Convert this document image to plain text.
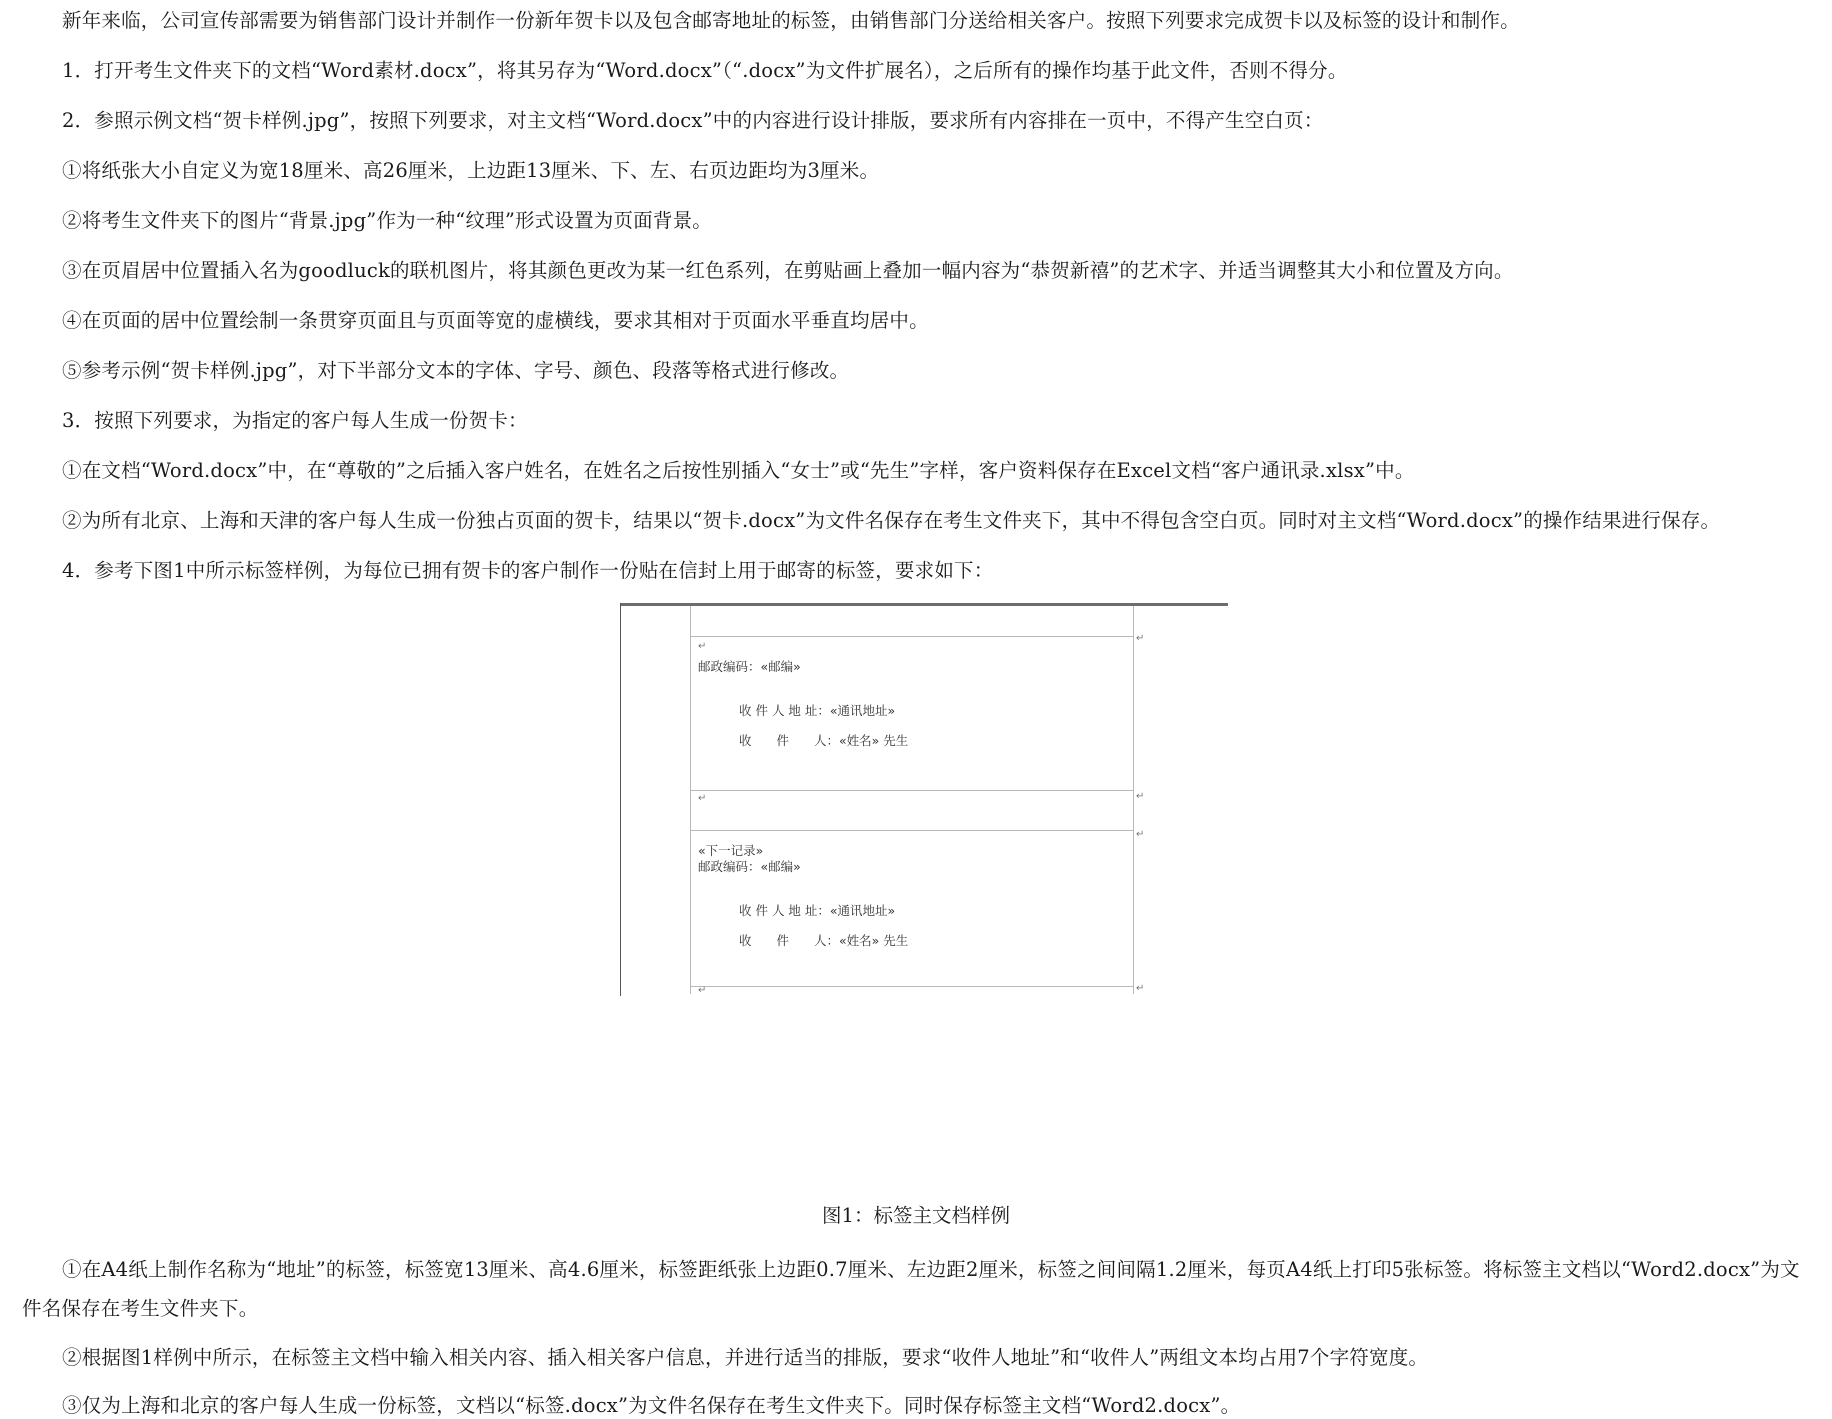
新年来临，公司宣传部需要为销售部门设计并制作一份新年贺卡以及包含邮寄地址的标签，由销售部门分送给相关客户。按照下列要求完成贺卡以及标签的设计和制作。
1．打开考生文件夹下的文档“Word素材.docx”，将其另存为“Word.docx”（“.docx”为文件扩展名），之后所有的操作均基于此文件，否则不得分。
2．参照示例文档“贺卡样例.jpg”，按照下列要求，对主文档“Word.docx”中的内容进行设计排版，要求所有内容排在一页中，不得产生空白页：
①将纸张大小自定义为宽18厘米、高26厘米，上边距13厘米、下、左、右页边距均为3厘米。
②将考生文件夹下的图片“背景.jpg”作为一种“纹理”形式设置为页面背景。
③在页眉居中位置插入名为goodluck的联机图片，将其颜色更改为某一红色系列，在剪贴画上叠加一幅内容为“恭贺新禧”的艺术字、并适当调整其大小和位置及方向。
④在页面的居中位置绘制一条贯穿页面且与页面等宽的虚横线，要求其相对于页面水平垂直均居中。
⑤参考示例“贺卡样例.jpg”，对下半部分文本的字体、字号、颜色、段落等格式进行修改。
3．按照下列要求，为指定的客户每人生成一份贺卡：
①在文档“Word.docx”中，在“尊敬的”之后插入客户姓名，在姓名之后按性别插入“女士”或“先生”字样，客户资料保存在Excel文档“客户通讯录.xlsx”中。
②为所有北京、上海和天津的客户每人生成一份独占页面的贺卡，结果以“贺卡.docx”为文件名保存在考生文件夹下，其中不得包含空白页。同时对主文档“Word.docx”的操作结果进行保存。
4．参考下图1中所示标签样例，为每位已拥有贺卡的客户制作一份贴在信封上用于邮寄的标签，要求如下：
↵
↵
↵	↵
↵
↵	↵
邮政编码：«邮编»
收 件 人 地 址：«通讯地址»
收　　件　　人：«姓名» 先生
«下一记录»
邮政编码：«邮编»
收 件 人 地 址：«通讯地址»
收　　件　　人：«姓名» 先生
图1：标签主文档样例
①在A4纸上制作名称为“地址”的标签，标签宽13厘米、高4.6厘米，标签距纸张上边距0.7厘米、左边距2厘米，标签之间间隔1.2厘米，每页A4纸上打印5张标签。将标签主文档以“Word2.docx”为文
件名保存在考生文件夹下。
②根据图1样例中所示，在标签主文档中输入相关内容、插入相关客户信息，并进行适当的排版，要求“收件人地址”和“收件人”两组文本均占用7个字符宽度。
③仅为上海和北京的客户每人生成一份标签，文档以“标签.docx”为文件名保存在考生文件夹下。同时保存标签主文档“Word2.docx”。
